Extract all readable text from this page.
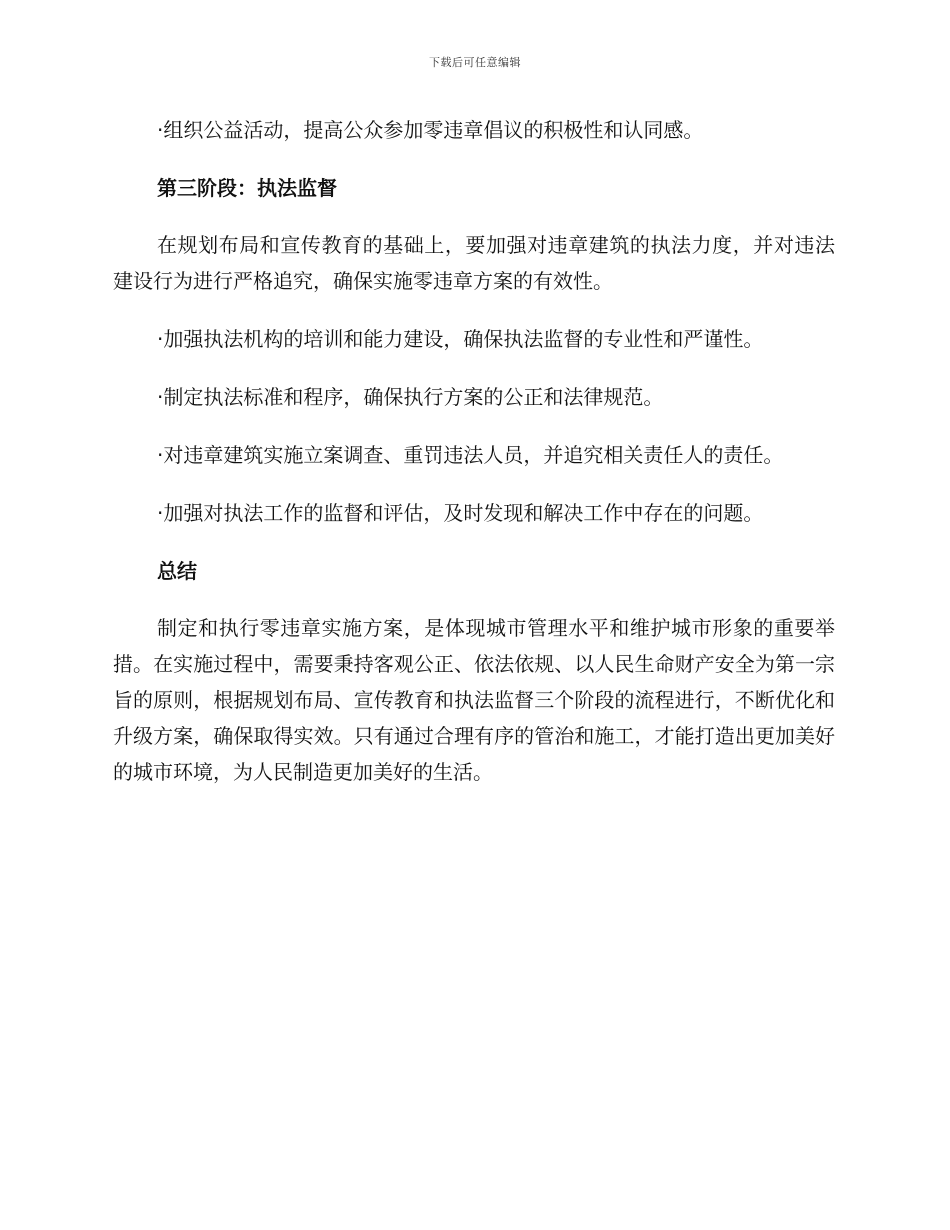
下载后可任意编辑

·组织公益活动，提高公众参加零违章倡议的积极性和认同感。

第三阶段：执法监督

在规划布局和宣传教育的基础上，要加强对违章建筑的执法力度，并对违法建设行为进行严格追究，确保实施零违章方案的有效性。

·加强执法机构的培训和能力建设，确保执法监督的专业性和严谨性。

·制定执法标准和程序，确保执行方案的公正和法律规范。

·对违章建筑实施立案调查、重罚违法人员，并追究相关责任人的责任。

·加强对执法工作的监督和评估，及时发现和解决工作中存在的问题。

总结

制定和执行零违章实施方案，是体现城市管理水平和维护城市形象的重要举措。在实施过程中，需要秉持客观公正、依法依规、以人民生命财产安全为第一宗旨的原则，根据规划布局、宣传教育和执法监督三个阶段的流程进行，不断优化和升级方案，确保取得实效。只有通过合理有序的管治和施工，才能打造出更加美好的城市环境，为人民制造更加美好的生活。
